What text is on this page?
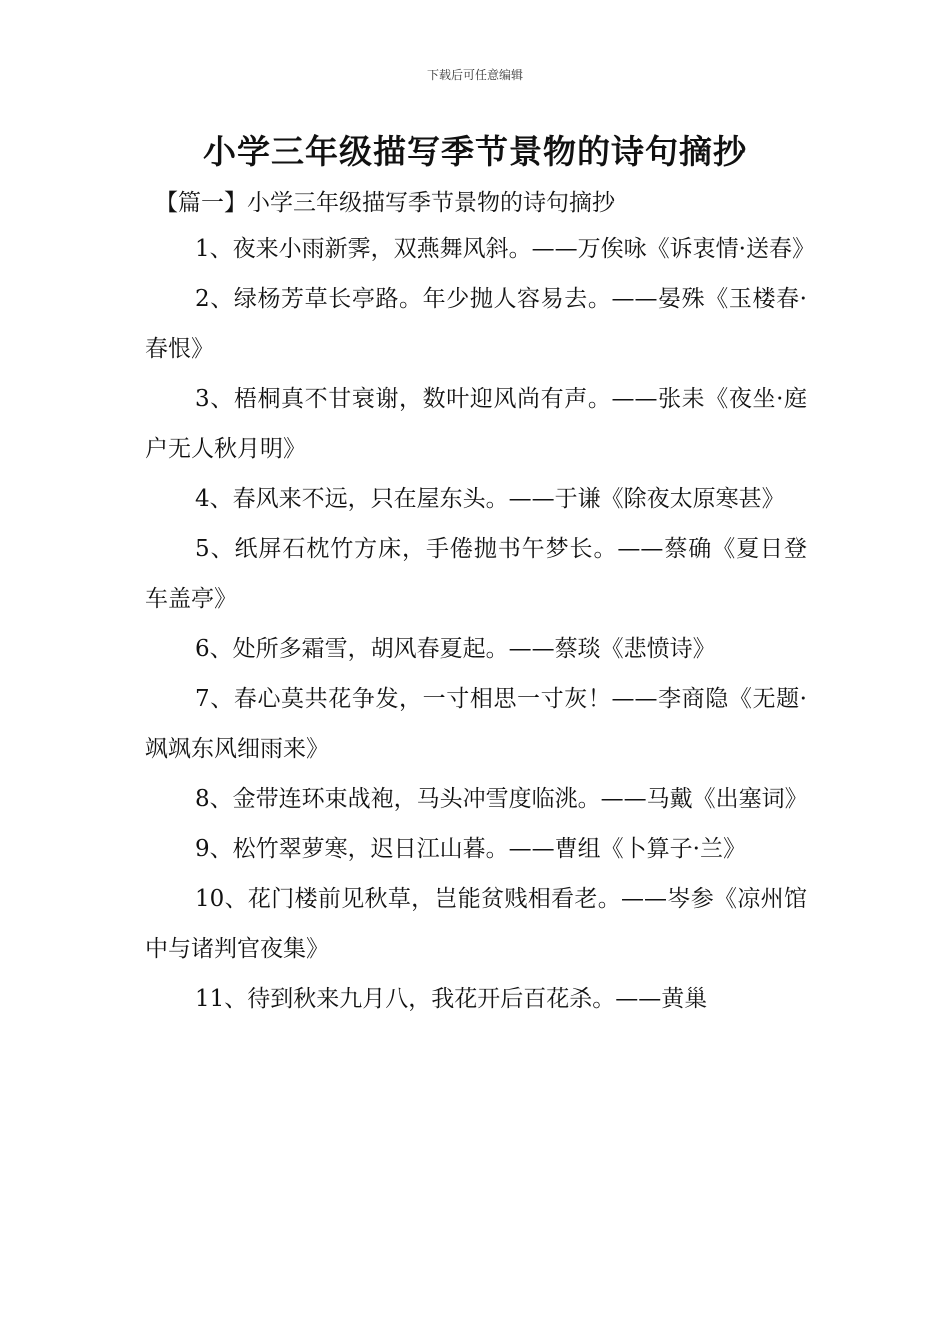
下载后可任意编辑
小学三年级描写季节景物的诗句摘抄

【篇一】小学三年级描写季节景物的诗句摘抄

1、夜来小雨新霁，双燕舞风斜。——万俟咏《诉衷情·送春》

2、绿杨芳草长亭路。年少抛人容易去。——晏殊《玉楼春·春恨》

3、梧桐真不甘衰谢，数叶迎风尚有声。——张耒《夜坐·庭户无人秋月明》

4、春风来不远，只在屋东头。——于谦《除夜太原寒甚》

5、纸屏石枕竹方床，手倦抛书午梦长。——蔡确《夏日登车盖亭》

6、处所多霜雪，胡风春夏起。——蔡琰《悲愤诗》

7、春心莫共花争发，一寸相思一寸灰！——李商隐《无题·飒飒东风细雨来》

8、金带连环束战袍，马头冲雪度临洮。——马戴《出塞词》

9、松竹翠萝寒，迟日江山暮。——曹组《卜算子·兰》

10、花门楼前见秋草，岂能贫贱相看老。——岑参《凉州馆中与诸判官夜集》

11、待到秋来九月八，我花开后百花杀。——黄巢
